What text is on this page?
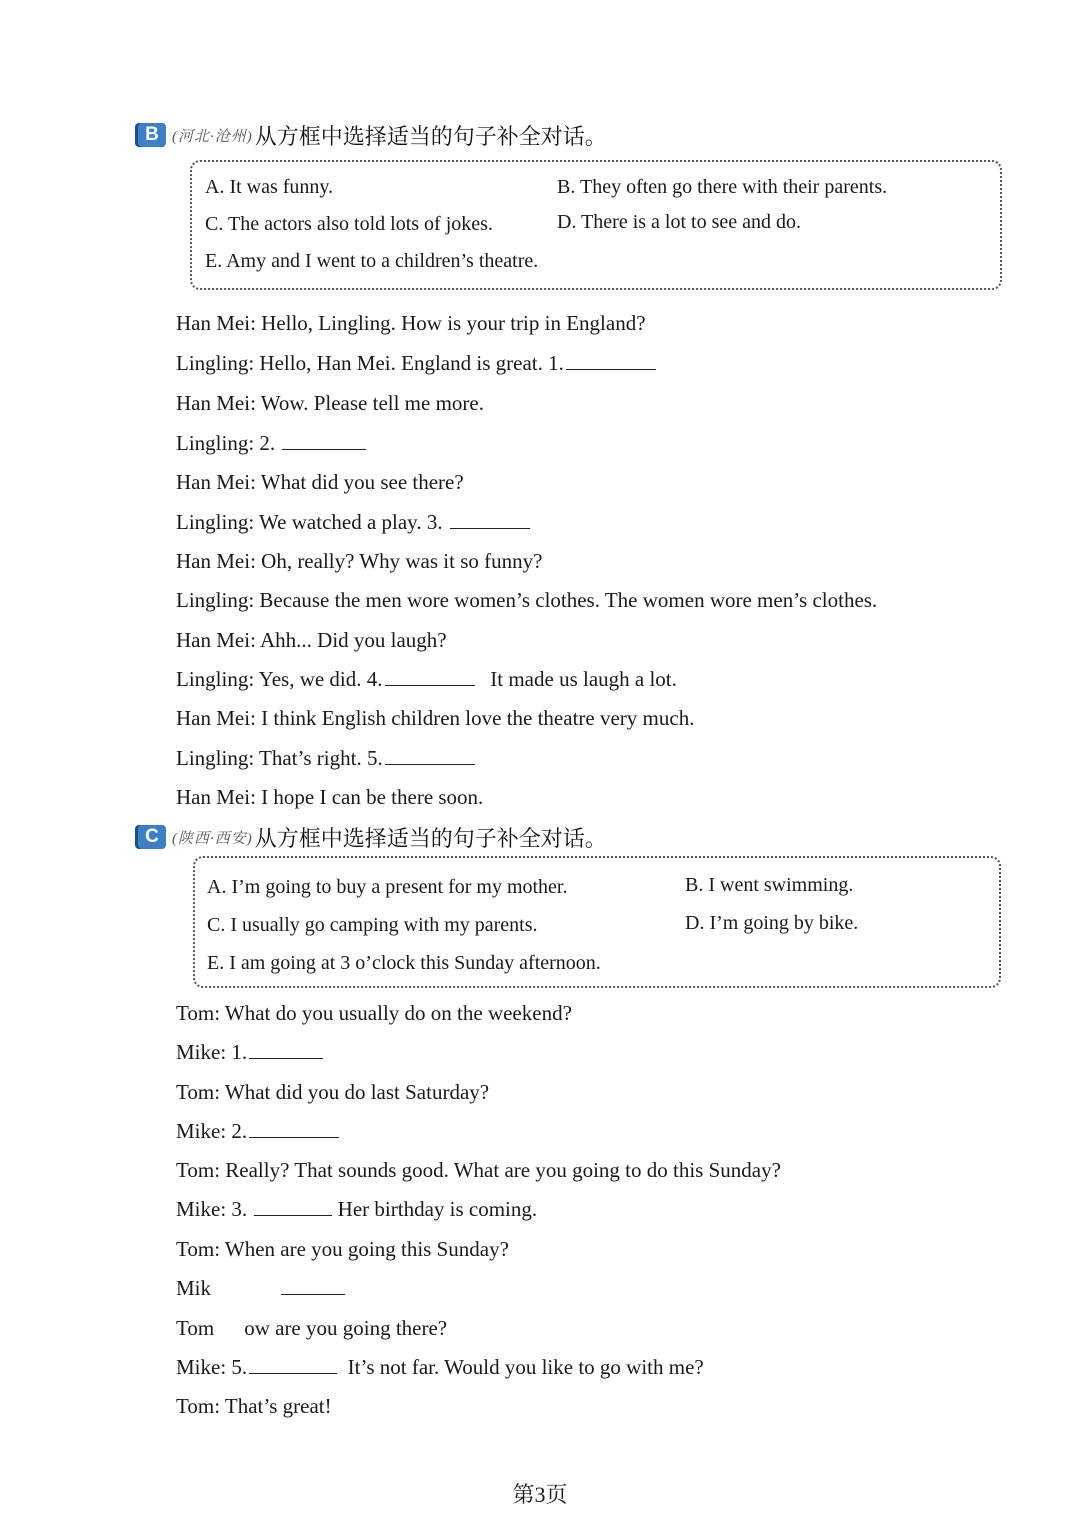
B (河北·沧州) 从方框中选择适当的句子补全对话。
A. It was funny.	B. They often go there with their parents.
C. The actors also told lots of jokes.	D. There is a lot to see and do.
E. Amy and I went to a children’s theatre.
Han Mei: Hello, Lingling. How is your trip in England?
Lingling: Hello, Han Mei. England is great. 1.
Han Mei: Wow. Please tell me more.
Lingling: 2.
Han Mei: What did you see there?
Lingling: We watched a play. 3.
Han Mei: Oh, really? Why was it so funny?
Lingling: Because the men wore women’s clothes. The women wore men’s clothes.
Han Mei: Ahh... Did you laugh?
Lingling: Yes, we did. 4.	It made us laugh a lot.
Han Mei: I think English children love the theatre very much.
Lingling: That’s right. 5.
Han Mei: I hope I can be there soon.
C (陕西·西安) 从方框中选择适当的句子补全对话。
A. I’m going to buy a present for my mother.	B. I went swimming.
C. I usually go camping with my parents.	D. I’m going by bike.
E. I am going at 3 o’clock this Sunday afternoon.
Tom: What do you usually do on the weekend?
Mike: 1.
Tom: What did you do last Saturday?
Mike: 2.
Tom: Really? That sounds good. What are you going to do this Sunday?
Mike: 3.	Her birthday is coming.
Tom: When are you going this Sunday?
Mik
Tom ow are you going there?
Mike: 5.	It’s not far. Would you like to go with me?
Tom: That’s great!
第3页
